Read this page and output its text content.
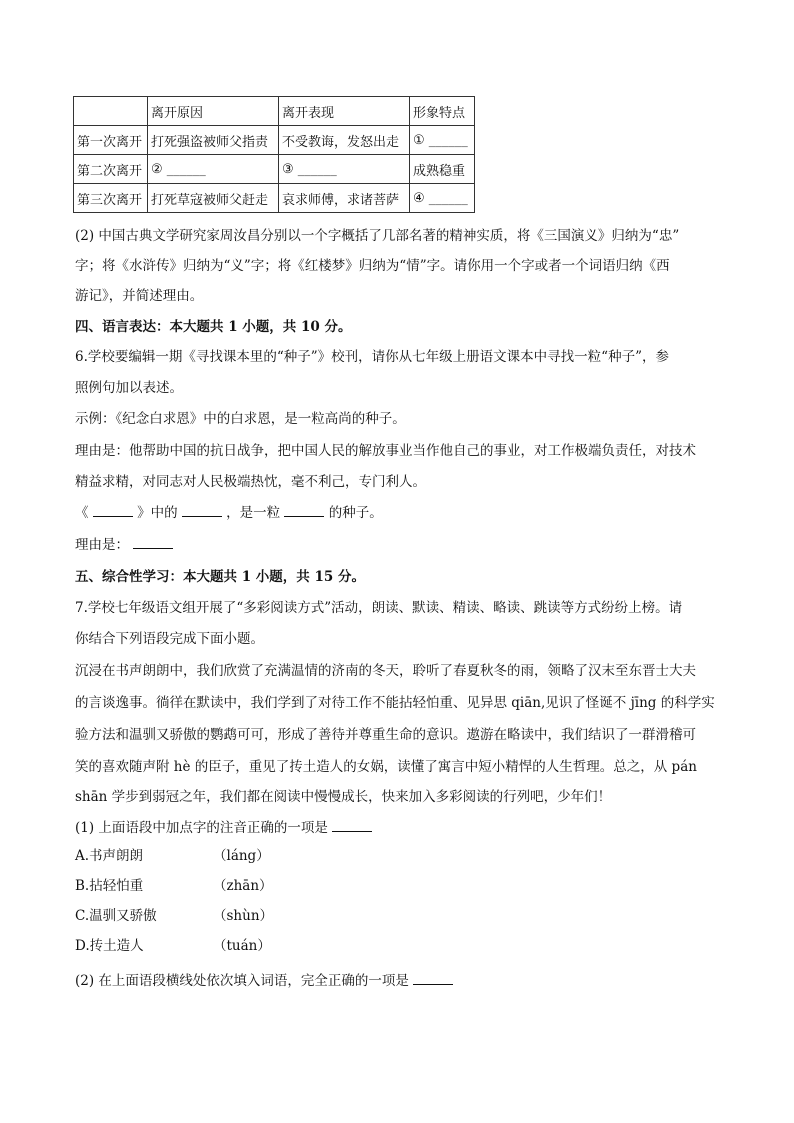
	离开原因	离开表现	形象特点
第一次离开	打死强盗被师父指责	不受教诲，发怒出走	① ______
第二次离开	② ______	③ ______	成熟稳重
第三次离开	打死草寇被师父赶走	哀求师傅，求诸菩萨	④ ______
(2) 中国古典文学研究家周汝昌分别以一个字概括了几部名著的精神实质，将《三国演义》归纳为“忠”
字；将《水浒传》归纳为“义”字；将《红楼梦》归纳为“情”字。请你用一个字或者一个词语归纳《西
游记》，并简述理由。
四、语言表达：本大题共 1 小题，共 10 分。
6.学校要编辑一期《寻找课本里的“种子”》校刊，请你从七年级上册语文课本中寻找一粒“种子”，参
照例句加以表述。
示例：《纪念白求恩》中的白求恩，是一粒高尚的种子。
理由是：他帮助中国的抗日战争，把中国人民的解放事业当作他自己的事业，对工作极端负责任，对技术
精益求精，对同志对人民极端热忱，毫不利己，专门利人。
《	》中的	，是一粒	的种子。
理由是：
五、综合性学习：本大题共 1 小题，共 15 分。
7.学校七年级语文组开展了“多彩阅读方式”活动，朗读、默读、精读、略读、跳读等方式纷纷上榜。请
你结合下列语段完成下面小题。
沉浸在书声朗朗中，我们欣赏了充满温情的济南的冬天，聆听了春夏秋冬的雨，领略了汉末至东晋士大夫
的言谈逸事。徜徉在默读中，我们学到了对待工作不能拈轻怕重、见异思 qiān,见识了怪诞不 jīng 的科学实
验方法和温驯又骄傲的鹦鹉可可，形成了善待并尊重生命的意识。遨游在略读中，我们结识了一群滑稽可
笑的喜欢随声附 hè 的臣子，重见了抟土造人的女娲，读懂了寓言中短小精悍的人生哲理。总之，从 pán
shān 学步到弱冠之年，我们都在阅读中慢慢成长，快来加入多彩阅读的行列吧，少年们！
(1) 上面语段中加点字的注音正确的一项是
A.书声朗朗	（láng）
B.拈轻怕重	（zhān）
C.温驯又骄傲	（shùn）
D.抟土造人	（tuán）
(2) 在上面语段横线处依次填入词语，完全正确的一项是
